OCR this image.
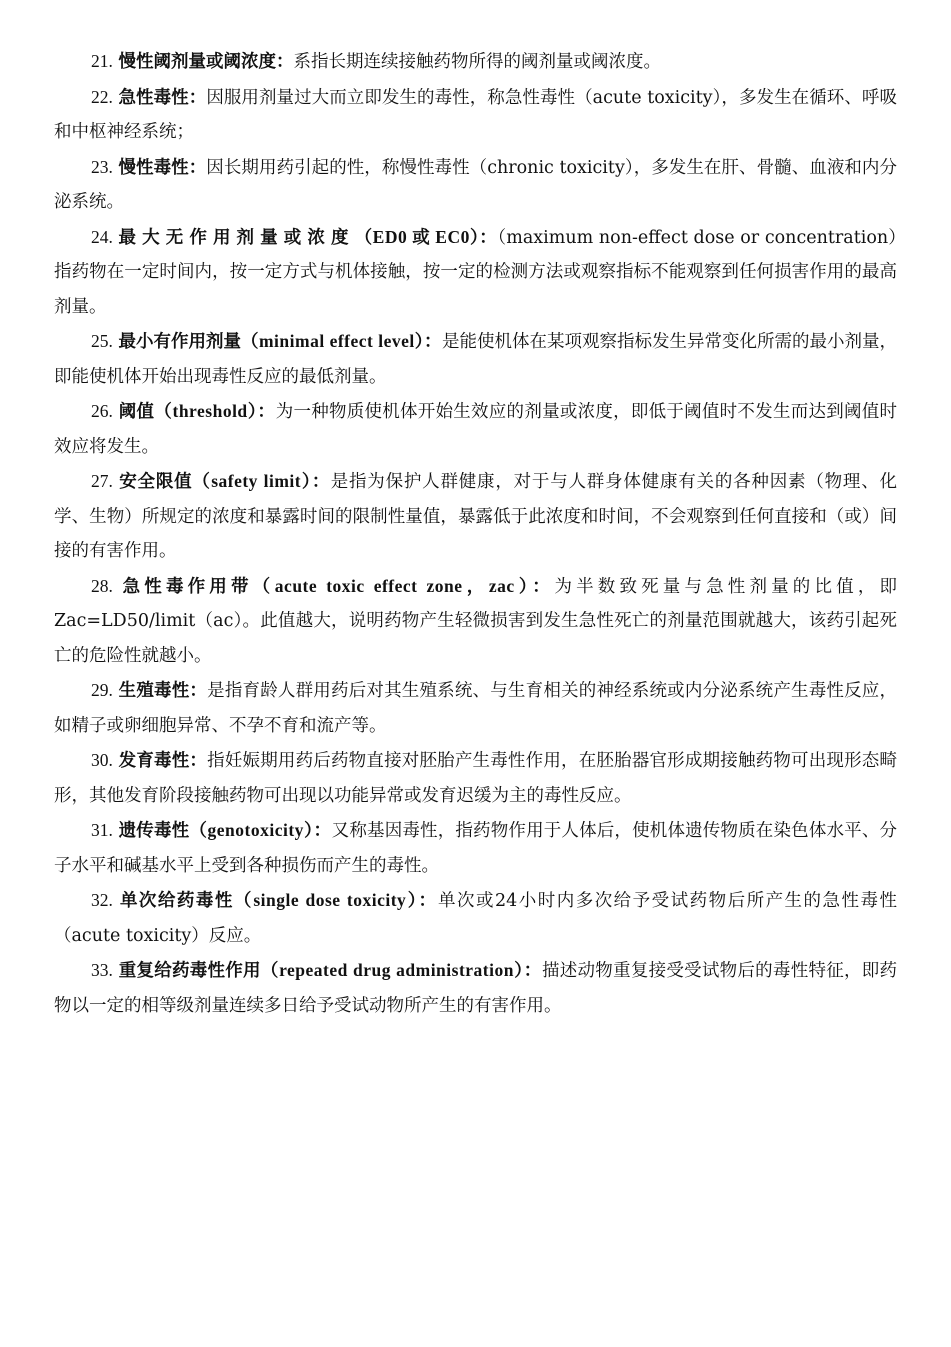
21. 慢性阈剂量或阈浓度：系指长期连续接触药物所得的阈剂量或阈浓度。

22. 急性毒性：因服用剂量过大而立即发生的毒性，称急性毒性（acute toxicity），多发生在循环、呼吸和中枢神经系统；

23. 慢性毒性：因长期用药引起的性，称慢性毒性（chronic toxicity），多发生在肝、骨髓、血液和内分泌系统。

24. 最大无作用剂量或浓度（ED0 或 EC0）：（maximum non-effect dose or concentration）指药物在一定时间内，按一定方式与机体接触，按一定的检测方法或观察指标不能观察到任何损害作用的最高剂量。

25. 最小有作用剂量（minimal effect level）：是能使机体在某项观察指标发生异常变化所需的最小剂量，即能使机体开始出现毒性反应的最低剂量。

26. 阈值（threshold）：为一种物质使机体开始生效应的剂量或浓度，即低于阈值时不发生而达到阈值时效应将发生。

27. 安全限值（safety limit）：是指为保护人群健康，对于与人群身体健康有关的各种因素（物理、化学、生物）所规定的浓度和暴露时间的限制性量值，暴露低于此浓度和时间，不会观察到任何直接和（或）间接的有害作用。

28. 急性毒作用带（acute toxic effect zone，zac）：为半数致死量与急性剂量的比值，即Zac=LD50/limit（ac）。此值越大，说明药物产生轻微损害到发生急性死亡的剂量范围就越大，该药引起死亡的危险性就越小。

29. 生殖毒性：是指育龄人群用药后对其生殖系统、与生育相关的神经系统或内分泌系统产生毒性反应，如精子或卵细胞异常、不孕不育和流产等。

30. 发育毒性：指妊娠期用药后药物直接对胚胎产生毒性作用，在胚胎器官形成期接触药物可出现形态畸形，其他发育阶段接触药物可出现以功能异常或发育迟缓为主的毒性反应。

31. 遗传毒性（genotoxicity）：又称基因毒性，指药物作用于人体后，使机体遗传物质在染色体水平、分子水平和碱基水平上受到各种损伤而产生的毒性。

32. 单次给药毒性（single dose toxicity）：单次或24小时内多次给予受试药物后所产生的急性毒性（acute toxicity）反应。

33. 重复给药毒性作用（repeated drug administration）：描述动物重复接受受试物后的毒性特征，即药物以一定的相等级剂量连续多日给予受试动物所产生的有害作用。
